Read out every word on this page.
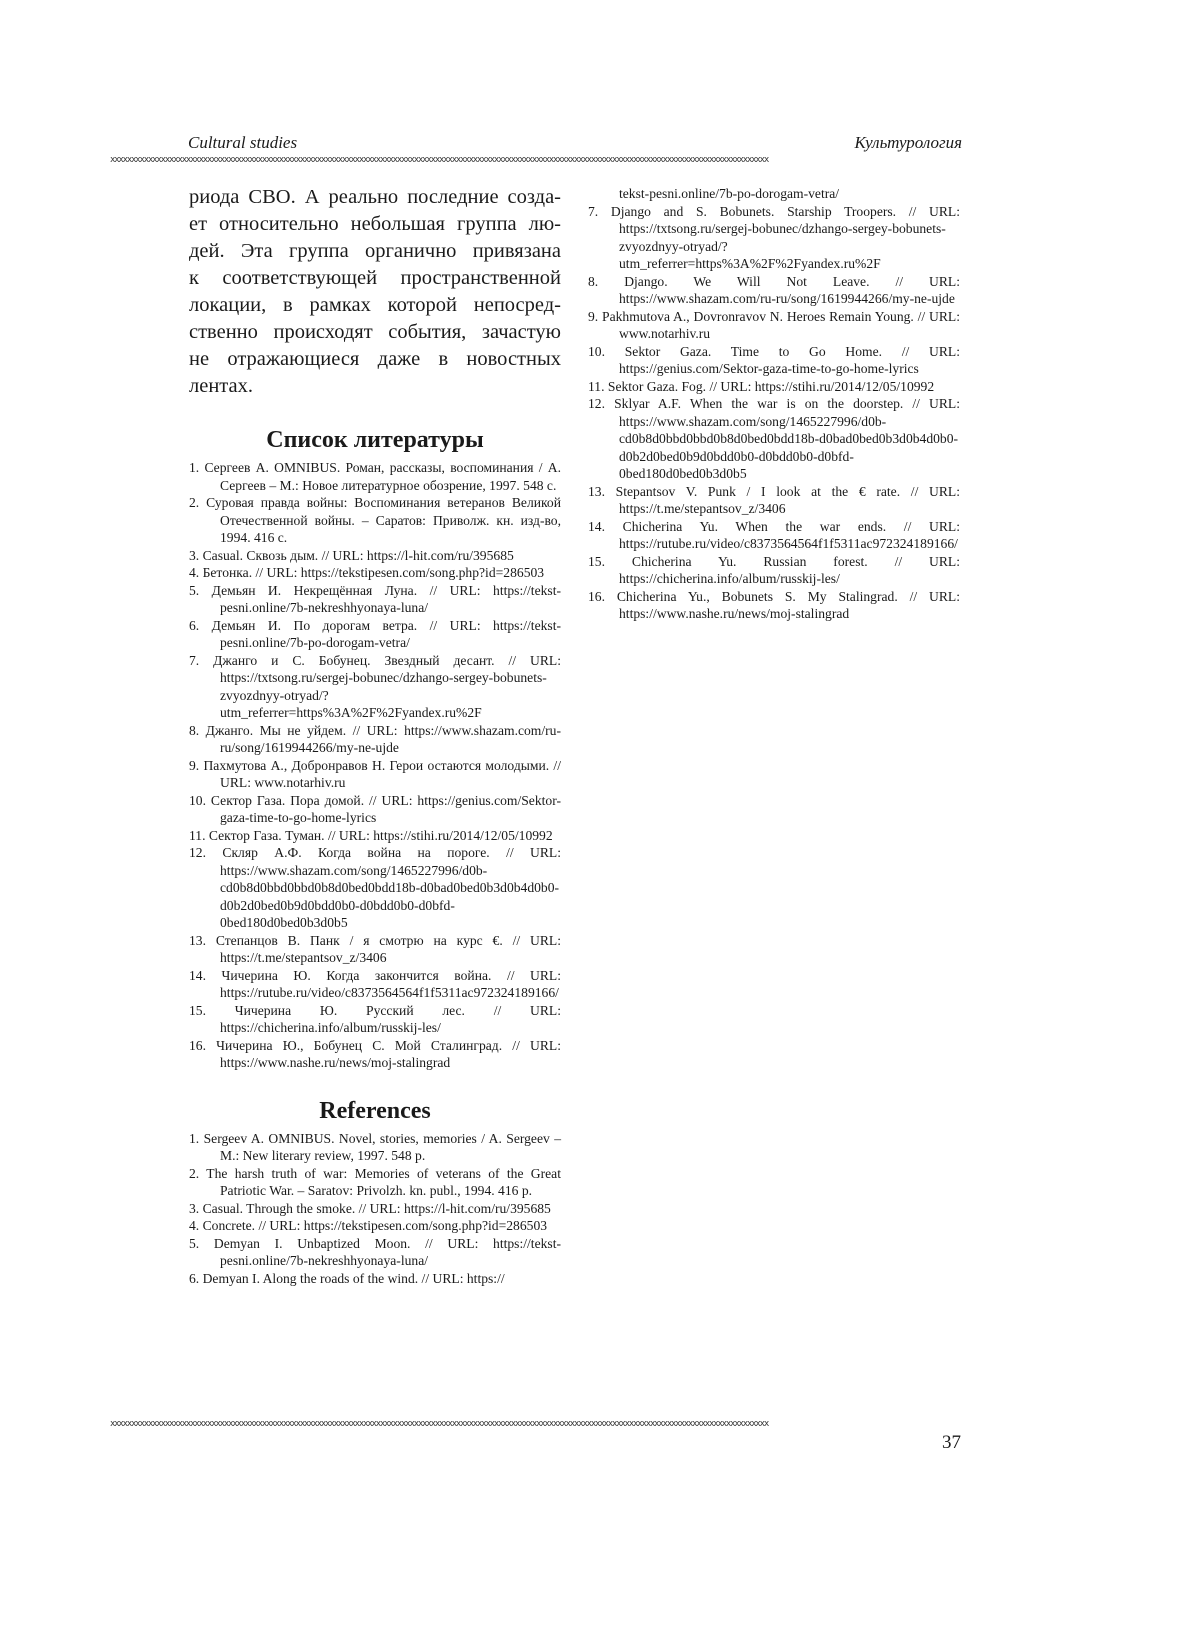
Cultural studies	Культурология
xxxxxxxxxxxxxxxxxxxxxxxxxxxxxxxxxxxxxxxxxxxxxxxxxxxxxxxxxxxxxxxxxxxxxxxxxxxxxxxxxxxxxxxxxxxxxxxxxxxxxxxxxxxxxxxxxxxxxxxxxxxxxxxxxxxxxxxxxxxxxxxxxxxxxxxxxxxx
риода СВО. А реально последние созда-
ет относительно небольшая группа лю-
дей. Эта группа органично привязана
к соответствующей пространственной
локации, в рамках которой непосред-
ственно происходят события, зачастую
не отражающиеся даже в новостных
лентах.
Список литературы
1. Сергеев А. OMNIBUS. Роман, рассказы, воспоминания / А. Сергеев – М.: Новое литературное обозрение, 1997. 548 с.
2. Суровая правда войны: Воспоминания ветеранов Великой Отечественной войны. – Саратов: Приволж. кн. изд-во, 1994. 416 с.
3. Casual. Сквозь дым. // URL: https://l-hit.com/ru/395685
4. Бетонка. // URL: https://tekstipesen.com/song.php?id=286503
5. Демьян И. Некрещённая Луна. // URL: https://tekst-pesni.online/7b-nekreshhyonaya-luna/
6. Демьян И. По дорогам ветра. // URL: https://tekst-pesni.online/7b-po-dorogam-vetra/
7. Джанго и С. Бобунец. Звездный десант. // URL: https://txtsong.ru/sergej-bobunec/dzhango-sergey-bobunets-zvyozdnyy-otryad/?utm_referrer=https%3A%2F%2Fyandex.ru%2F
8. Джанго. Мы не уйдем. // URL: https://www.shazam.com/ru-ru/song/1619944266/my-ne-ujde
9. Пахмутова А., Добронравов Н. Герои остаются молодыми. // URL: www.notarhiv.ru
10. Сектор Газа. Пора домой. // URL: https://genius.com/Sektor-gaza-time-to-go-home-lyrics
11. Сектор Газа. Туман. // URL: https://stihi.ru/2014/12/05/10992
12. Скляр А.Ф. Когда война на пороге. // URL: https://www.shazam.com/song/1465227996/d0b-cd0b8d0bbd0bbd0b8d0bed0bdd18b-d0bad0bed0b3d0b4d0b0-d0b2d0bed0b9d0bdd0b0-d0bdd0b0-d0bfd-0bed180d0bed0b3d0b5
13. Степанцов В. Панк / я смотрю на курс €. // URL: https://t.me/stepantsov_z/3406
14. Чичерина Ю. Когда закончится война. // URL: https://rutube.ru/video/c8373564564f1f5311ac972324189166/
15. Чичерина Ю. Русский лес. // URL: https://chicherina.info/album/russkij-les/
16. Чичерина Ю., Бобунец С. Мой Сталинград. // URL: https://www.nashe.ru/news/moj-stalingrad
References
1. Sergeev A. OMNIBUS. Novel, stories, memories / A. Sergeev – M.: New literary review, 1997. 548 p.
2. The harsh truth of war: Memories of veterans of the Great Patriotic War. – Saratov: Privolzh. kn. publ., 1994. 416 p.
3. Casual. Through the smoke. // URL: https://l-hit.com/ru/395685
4. Concrete. // URL: https://tekstipesen.com/song.php?id=286503
5. Demyan I. Unbaptized Moon. // URL: https://tekst-pesni.online/7b-nekreshhyonaya-luna/
6. Demyan I. Along the roads of the wind. // URL: https://
tekst-pesni.online/7b-po-dorogam-vetra/
7. Django and S. Bobunets. Starship Troopers. // URL: https://txtsong.ru/sergej-bobunec/dzhango-sergey-bobunets-zvyozdnyy-otryad/?utm_referrer=https%3A%2F%2Fyandex.ru%2F
8. Django. We Will Not Leave. // URL: https://www.shazam.com/ru-ru/song/1619944266/my-ne-ujde
9. Pakhmutova A., Dovronravov N. Heroes Remain Young. // URL: www.notarhiv.ru
10. Sektor Gaza. Time to Go Home. // URL: https://genius.com/Sektor-gaza-time-to-go-home-lyrics
11. Sektor Gaza. Fog. // URL: https://stihi.ru/2014/12/05/10992
12. Sklyar A.F. When the war is on the doorstep. // URL: https://www.shazam.com/song/1465227996/d0b-cd0b8d0bbd0bbd0b8d0bed0bdd18b-d0bad0bed0b3d0b4d0b0-d0b2d0bed0b9d0bdd0b0-d0bdd0b0-d0bfd-0bed180d0bed0b3d0b5
13. Stepantsov V. Punk / I look at the € rate. // URL: https://t.me/stepantsov_z/3406
14. Chicherina Yu. When the war ends. // URL: https://rutube.ru/video/c8373564564f1f5311ac972324189166/
15. Chicherina Yu. Russian forest. // URL: https://chicherina.info/album/russkij-les/
16. Chicherina Yu., Bobunets S. My Stalingrad. // URL: https://www.nashe.ru/news/moj-stalingrad
xxxxxxxxxxxxxxxxxxxxxxxxxxxxxxxxxxxxxxxxxxxxxxxxxxxxxxxxxxxxxxxxxxxxxxxxxxxxxxxxxxxxxxxxxxxxxxxxxxxxxxxxxxxxxxxxxxxxxxxxxxxxxxxxxxxxxxxxxxxxxxxxxxxxxxxxxxxx
37
